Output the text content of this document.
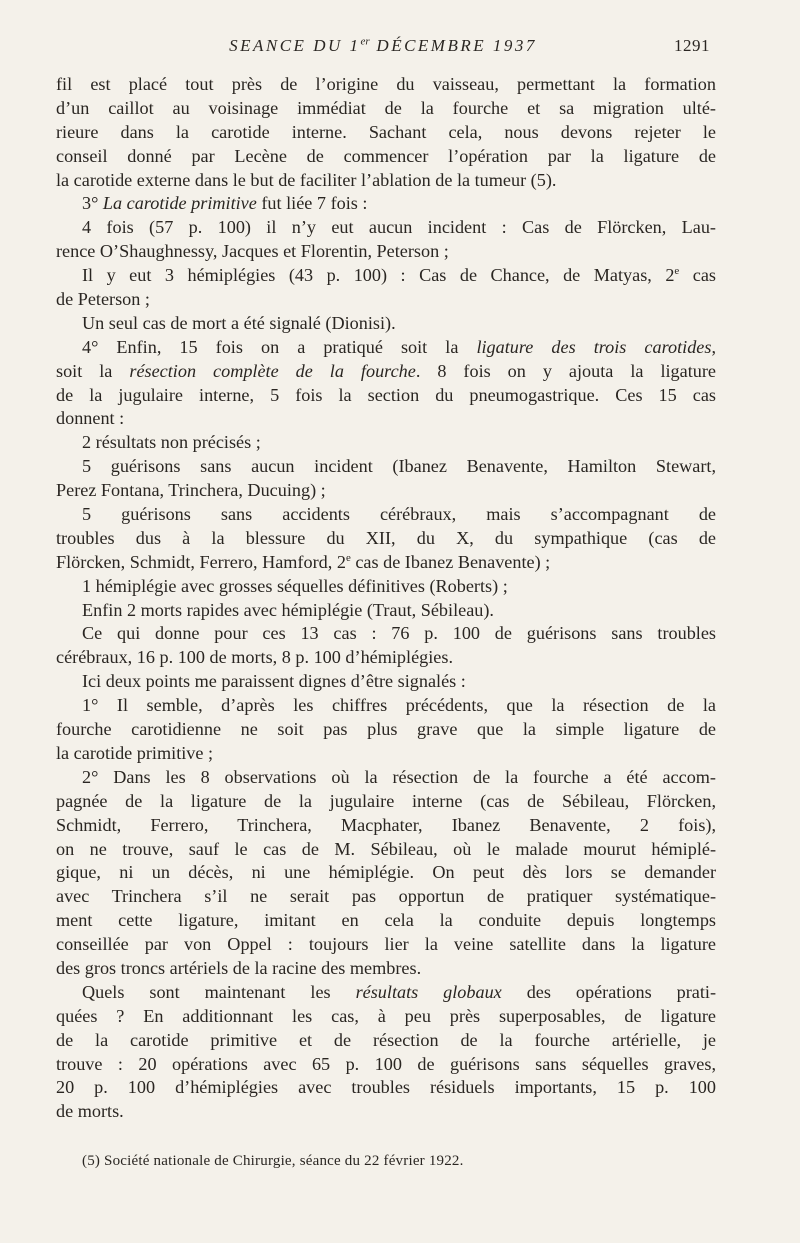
SEANCE DU 1er DÉCEMBRE 1937	1291
fil est placé tout près de l’origine du vaisseau, permettant la formation
d’un caillot au voisinage immédiat de la fourche et sa migration ulté-
rieure dans la carotide interne. Sachant cela, nous devons rejeter le
conseil donné par Lecène de commencer l’opération par la ligature de
la carotide externe dans le but de faciliter l’ablation de la tumeur (5).
3° La carotide primitive fut liée 7 fois :
4 fois (57 p. 100) il n’y eut aucun incident : Cas de Flörcken, Lau-
rence O’Shaughnessy, Jacques et Florentin, Peterson ;
Il y eut 3 hémiplégies (43 p. 100) : Cas de Chance, de Matyas, 2e cas
de Peterson ;
Un seul cas de mort a été signalé (Dionisi).
4° Enfin, 15 fois on a pratiqué soit la ligature des trois carotides,
soit la résection complète de la fourche. 8 fois on y ajouta la ligature
de la jugulaire interne, 5 fois la section du pneumogastrique. Ces 15 cas
donnent :
2 résultats non précisés ;
5 guérisons sans aucun incident (Ibanez Benavente, Hamilton Stewart,
Perez Fontana, Trinchera, Ducuing) ;
5 guérisons sans accidents cérébraux, mais s’accompagnant de
troubles dus à la blessure du XII, du X, du sympathique (cas de
Flörcken, Schmidt, Ferrero, Hamford, 2e cas de Ibanez Benavente) ;
1 hémiplégie avec grosses séquelles définitives (Roberts) ;
Enfin 2 morts rapides avec hémiplégie (Traut, Sébileau).
Ce qui donne pour ces 13 cas : 76 p. 100 de guérisons sans troubles
cérébraux, 16 p. 100 de morts, 8 p. 100 d’hémiplégies.
Ici deux points me paraissent dignes d’être signalés :
1° Il semble, d’après les chiffres précédents, que la résection de la
fourche carotidienne ne soit pas plus grave que la simple ligature de
la carotide primitive ;
2° Dans les 8 observations où la résection de la fourche a été accom-
pagnée de la ligature de la jugulaire interne (cas de Sébileau, Flörcken,
Schmidt, Ferrero, Trinchera, Macphater, Ibanez Benavente, 2 fois),
on ne trouve, sauf le cas de M. Sébileau, où le malade mourut hémiplé-
gique, ni un décès, ni une hémiplégie. On peut dès lors se demander
avec Trinchera s’il ne serait pas opportun de pratiquer systématique-
ment cette ligature, imitant en cela la conduite depuis longtemps
conseillée par von Oppel : toujours lier la veine satellite dans la ligature
des gros troncs artériels de la racine des membres.
Quels sont maintenant les résultats globaux des opérations prati-
quées ? En additionnant les cas, à peu près superposables, de ligature
de la carotide primitive et de résection de la fourche artérielle, je
trouve : 20 opérations avec 65 p. 100 de guérisons sans séquelles graves,
20 p. 100 d’hémiplégies avec troubles résiduels importants, 15 p. 100
de morts.
(5) Société nationale de Chirurgie, séance du 22 février 1922.
